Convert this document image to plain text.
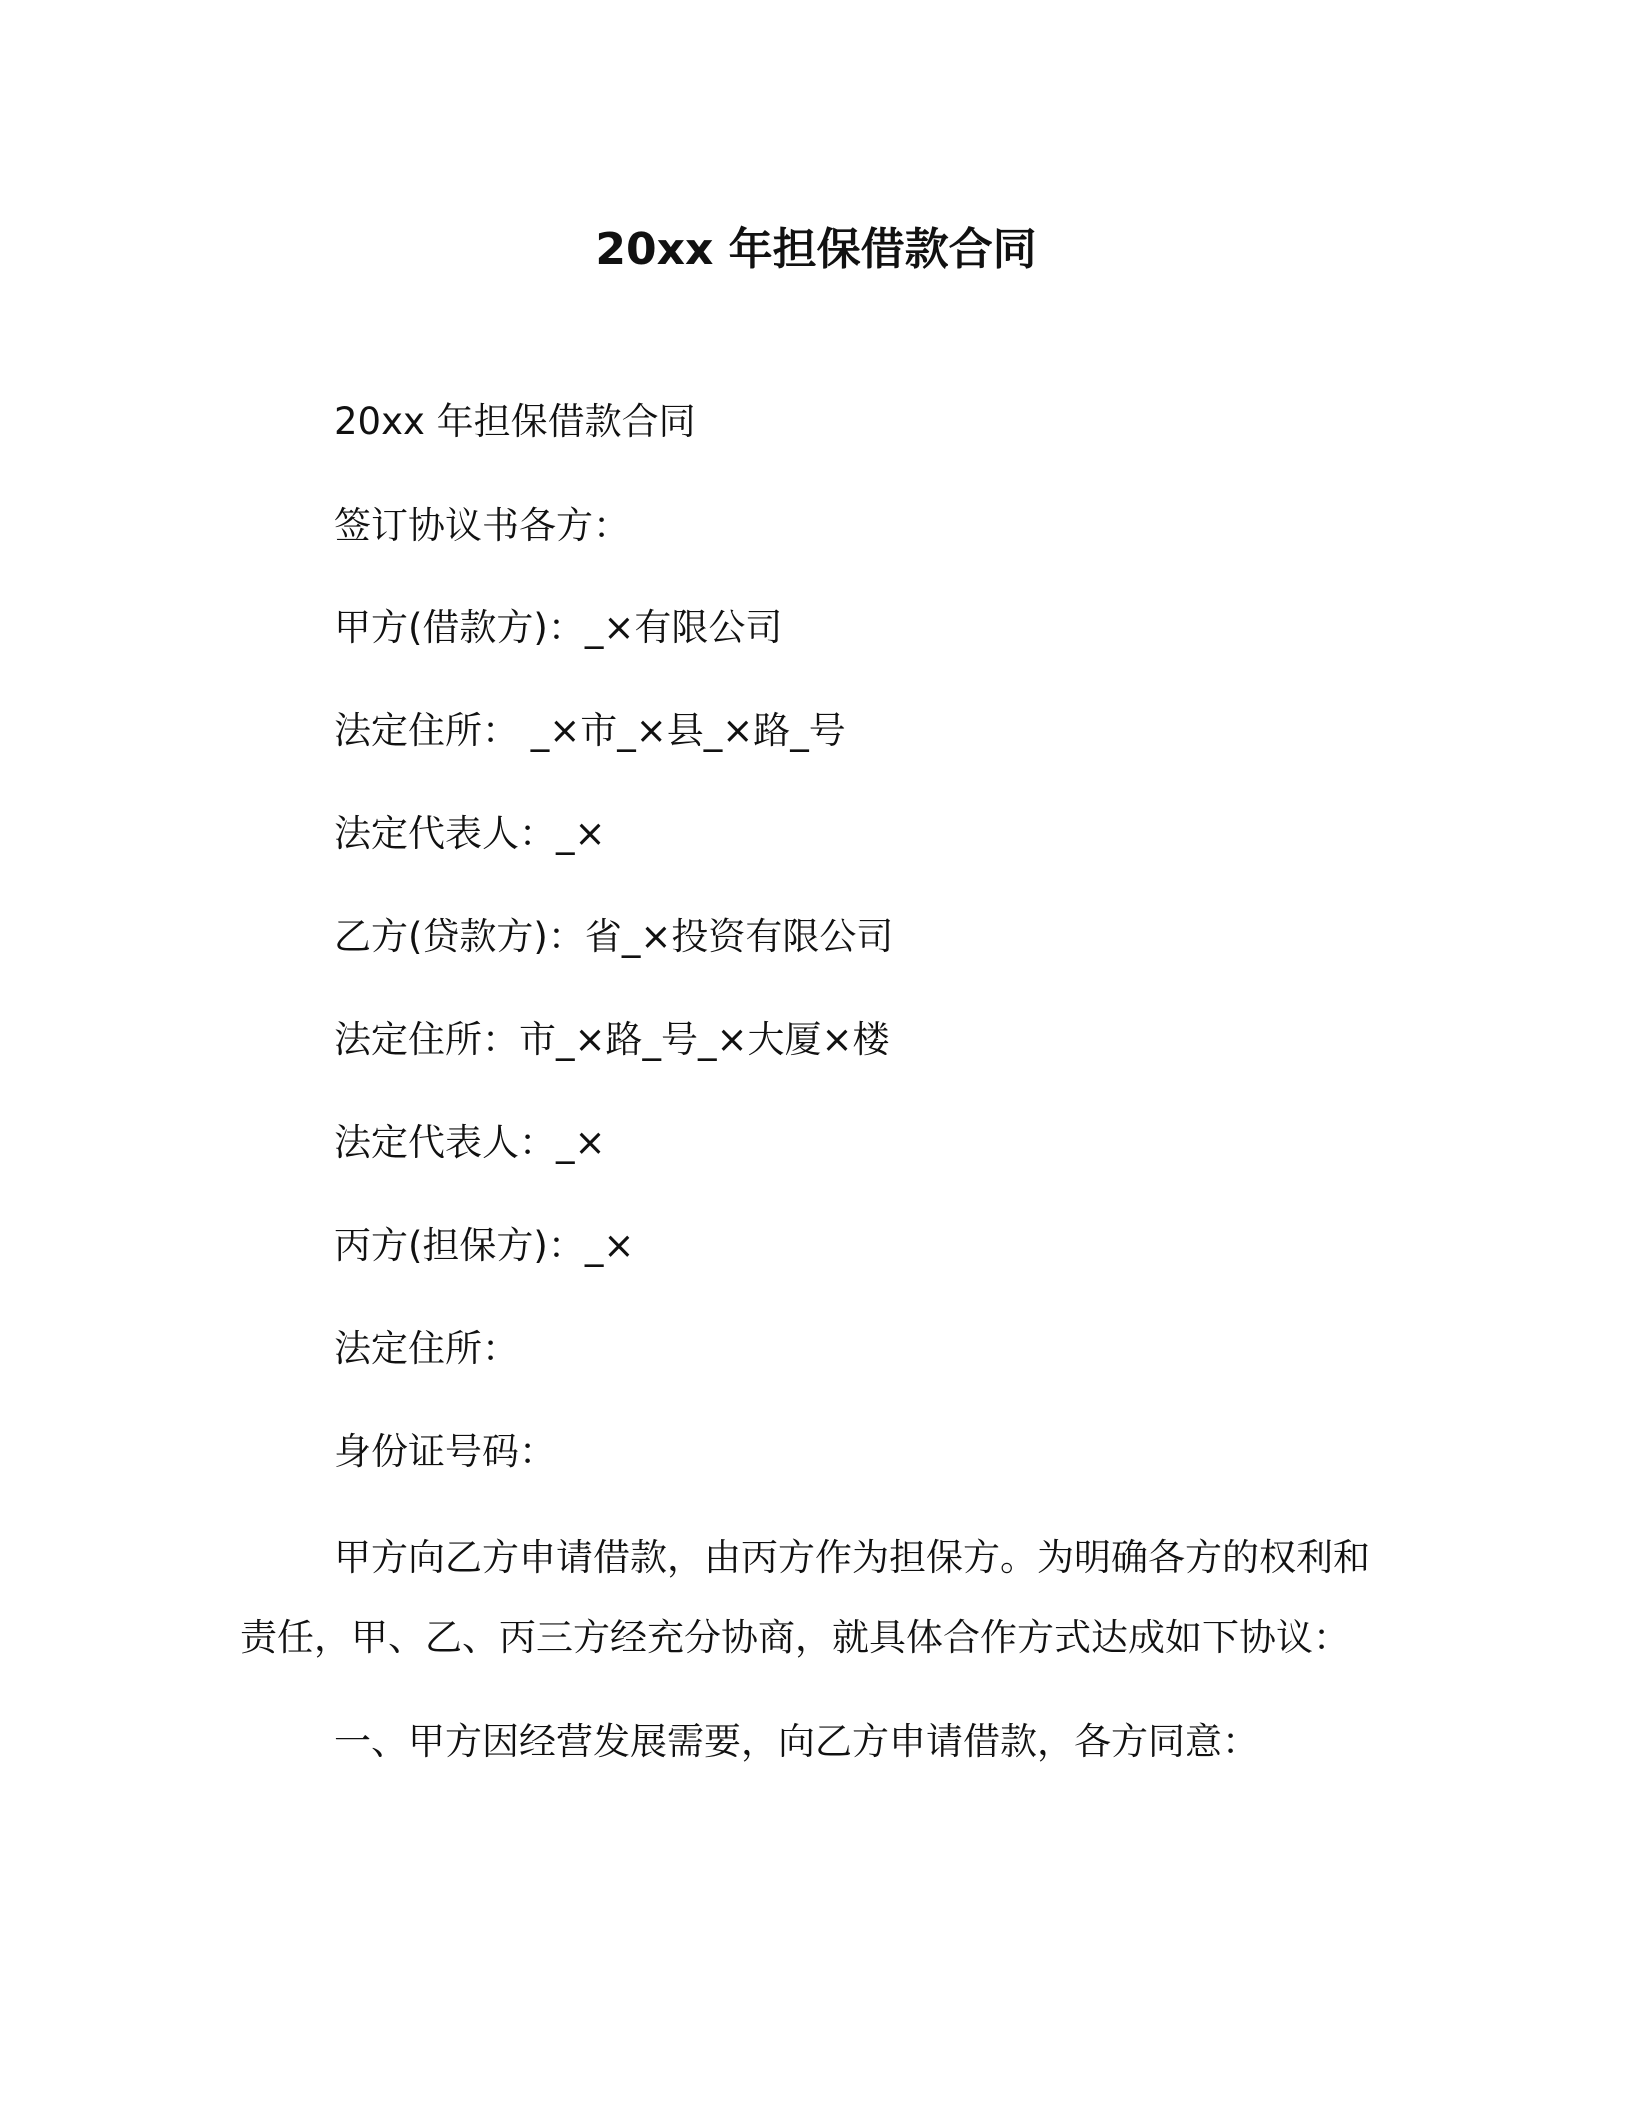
20xx 年担保借款合同
20xx 年担保借款合同
签订协议书各方：
甲方(借款方)：_×有限公司
法定住所： _×市_×县_×路_号
法定代表人：_×
乙方(贷款方)：省_×投资有限公司
法定住所：市_×路_号_×大厦×楼
法定代表人：_×
丙方(担保方)：_×
法定住所：
身份证号码：
甲方向乙方申请借款，由丙方作为担保方。为明确各方的权利和责任，甲、乙、丙三方经充分协商，就具体合作方式达成如下协议：
一、甲方因经营发展需要，向乙方申请借款，各方同意：
